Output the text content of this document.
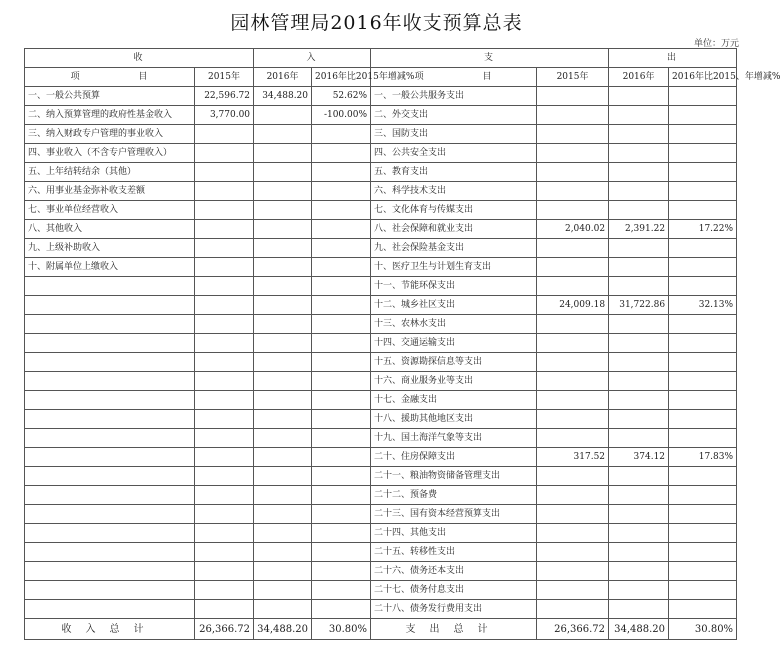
园林管理局2016年收支预算总表
单位：万元
收		入		支		出	
项 目	2015年	2016年	2016年比2015年增减%	项 目	2015年	2016年	2016年比2015、年增减%
一、一般公共预算	22,596.72	34,488.20	52.62%	一、一般公共服务支出			
二、纳入预算管理的政府性基金收入	3,770.00		-100.00%	二、外交支出			
三、纳入财政专户管理的事业收入				三、国防支出			
四、事业收入（不含专户管理收入）				四、公共安全支出			
五、上年结转结余（其他）				五、教育支出			
六、用事业基金弥补收支差额				六、科学技术支出			
七、事业单位经营收入				七、文化体育与传媒支出			
八、其他收入				八、社会保障和就业支出	2,040.02	2,391.22	17.22%
九、上级补助收入				九、社会保险基金支出			
十、附属单位上缴收入				十、医疗卫生与计划生育支出			
				十一、节能环保支出			
				十二、城乡社区支出	24,009.18	31,722.86	32.13%
				十三、农林水支出			
				十四、交通运输支出			
				十五、资源勘探信息等支出			
				十六、商业服务业等支出			
				十七、金融支出			
				十八、援助其他地区支出			
				十九、国土海洋气象等支出			
				二十、住房保障支出	317.52	374.12	17.83%
				二十一、粮油物资储备管理支出			
				二十二、预备费			
				二十三、国有资本经营预算支出			
				二十四、其他支出			
				二十五、转移性支出			
				二十六、债务还本支出			
				二十七、债务付息支出			
				二十八、债务发行费用支出			
收入总计	26,366.72	34,488.20	30.80%	支出总计	26,366.72	34,488.20	30.80%
